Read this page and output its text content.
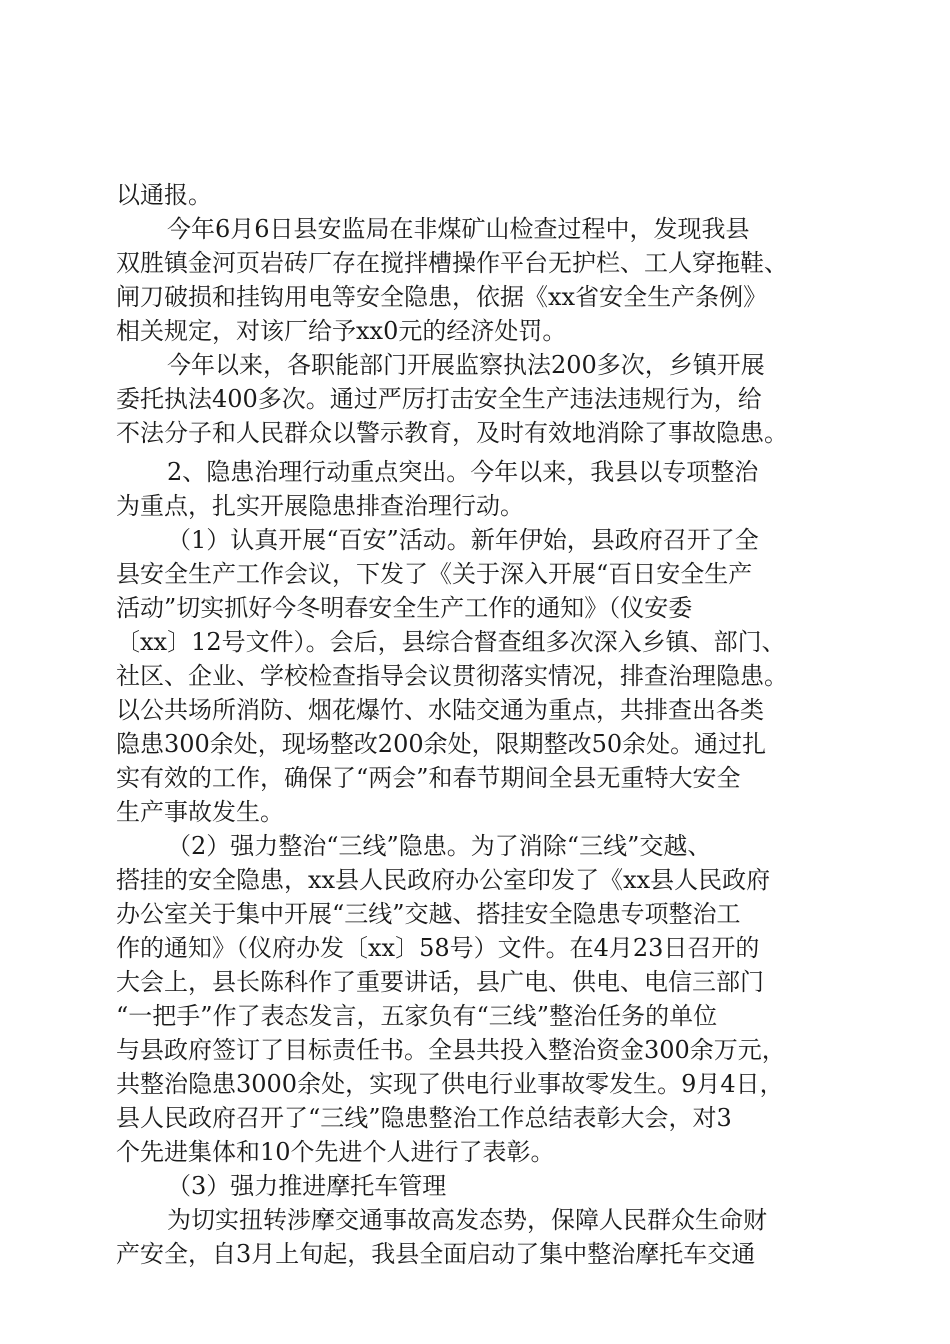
以通报。
今年6月6日县安监局在非煤矿山检查过程中，发现我县
双胜镇金河页岩砖厂存在搅拌槽操作平台无护栏、工人穿拖鞋、
闸刀破损和挂钩用电等安全隐患，依据《xx省安全生产条例》
相关规定，对该厂给予xx0元的经济处罚。
今年以来，各职能部门开展监察执法200多次，乡镇开展
委托执法400多次。通过严厉打击安全生产违法违规行为，给
不法分子和人民群众以警示教育，及时有效地消除了事故隐患。
2、隐患治理行动重点突出。今年以来，我县以专项整治
为重点，扎实开展隐患排查治理行动。
（1）认真开展“百安”活动。新年伊始，县政府召开了全
县安全生产工作会议，下发了《关于深入开展“百日安全生产
活动”切实抓好今冬明春安全生产工作的通知》（仪安委
〔xx〕12号文件）。会后，县综合督查组多次深入乡镇、部门、
社区、企业、学校检查指导会议贯彻落实情况，排查治理隐患。
以公共场所消防、烟花爆竹、水陆交通为重点，共排查出各类
隐患300余处，现场整改200余处，限期整改50余处。通过扎
实有效的工作，确保了“两会”和春节期间全县无重特大安全
生产事故发生。
（2）强力整治“三线”隐患。为了消除“三线”交越、
搭挂的安全隐患，xx县人民政府办公室印发了《xx县人民政府
办公室关于集中开展“三线”交越、搭挂安全隐患专项整治工
作的通知》（仪府办发〔xx〕58号）文件。在4月23日召开的
大会上，县长陈科作了重要讲话，县广电、供电、电信三部门
“一把手”作了表态发言，五家负有“三线”整治任务的单位
与县政府签订了目标责任书。全县共投入整治资金300余万元，
共整治隐患3000余处，实现了供电行业事故零发生。9月4日，
县人民政府召开了“三线”隐患整治工作总结表彰大会，对3
个先进集体和10个先进个人进行了表彰。
（3）强力推进摩托车管理
为切实扭转涉摩交通事故高发态势，保障人民群众生命财
产安全，自3月上旬起，我县全面启动了集中整治摩托车交通
